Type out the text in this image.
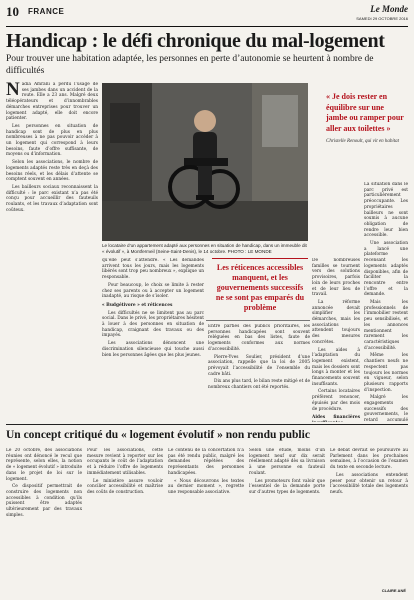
10 FRANCE	Le Monde
SAMEDI 29 OCTOBRE 2016
Handicap : le défi chronique du mal-logement
Pour trouver une habitation adaptée, les personnes en perte d’autonomie se heurtent à nombre de difficultés

Nadia Amrani a perdu l’usage de ses jambes dans un accident de la route. Elle a 23 ans. Malgré deux téléopérateurs et d’innombrables démarches entreprises pour trouver un logement adapté, elle doit encore patienter.

Les personnes en situation de handicap sont de plus en plus nombreuses à ne pas pouvoir accéder à un logement qui correspond à leurs besoins, faute d’offre suffisante, de moyens ou d’information.

Selon les associations, le nombre de logements adaptés reste très en deçà des besoins réels, et les délais d’attente se comptent souvent en années.

Les bailleurs sociaux reconnaissent la difficulté : le parc existant n’a pas été conçu pour accueillir des fauteuils roulants, et les travaux d’adaptation sont coûteux.

Le locataire d’un appartement adapté aux personnes en situation de handicap, dans un immeuble dit « évolutif », à Montfermeil (Seine-Saint-Denis), le 14 octobre. PHOTO : LE MONDE

qu’elle peut s’attendre. « Les demandes arrivent tous les jours, mais les logements libérés sont trop peu nombreux », explique un responsable.

Pour beaucoup, le choix se limite à rester chez ses parents ou à accepter un logement inadapté, au risque de s’isoler.

« Budgétivore » et réticences

Les difficultés ne se limitent pas au parc social. Dans le privé, les propriétaires hésitent à louer à des personnes en situation de handicap, craignant des travaux ou des impayés.

Les associations dénoncent une discrimination silencieuse qui touche aussi bien les personnes âgées que les plus jeunes.

Les réticences accessibles manquent, et les gouvernements successifs ne se sont pas emparés du problème

Entre parties des publics prioritaires, les personnes handicapées sont souvent reléguées en bas des listes, faute de logements conformes aux normes d’accessibilité.

Pierre-Yves Soulier, président d’une association, rappelle que la loi de 2005 prévoyait l’accessibilité de l’ensemble du cadre bâti.

Dix ans plus tard, le bilan reste mitigé et de nombreux chantiers ont été reportés.

De nombreuses familles se tournent vers des solutions provisoires, parfois loin de leurs proches et de leur lieu de travail.

La réforme annoncée devait simplifier les démarches, mais les associations attendent toujours des mesures concrètes.

Les aides à l’adaptation du logement existent, mais les dossiers sont longs à monter et les financements souvent insuffisants.

Certains locataires préfèrent renoncer, épuisés par des mois de procédure.

Aides financières

« Je dois rester en équilibre sur une jambe ou ramper pour aller aux toilettes »
Christelle Renoult, qui vit en habitat

La situation dans le parc privé est particulièrement préoccupante. Les propriétaires bailleurs ne sont soumis à aucune obligation de rendre leur bien accessible.

Une association a lancé une plateforme recensant les logements adaptés disponibles, afin de faciliter la rencontre entre l’offre et la demande.

Mais les professionnels de l’immobilier restent peu sensibilisés, et les annonces mentionnent rarement les caractéristiques d’accessibilité.

Même les chantiers neufs ne respectent pas toujours les normes en vigueur, selon plusieurs rapports d’inspection.

Malgré les engagements successifs des gouvernements, le retard accumulé

Un concept critiqué du « logement évolutif » non rendu public

Le 20 octobre, des associations réunies ont dénoncé le recul que représente, selon elles, la notion de « logement évolutif » introduite dans le projet de loi sur le logement.

Ce dispositif permettrait de construire des logements non accessibles à condition qu’ils puissent être adaptés ultérieurement par des travaux simples.

Pour les associations, cette mesure revient à reporter sur les occupants le coût de l’adaptation et à réduire l’offre de logements immédiatement utilisables.

Le ministère assure vouloir concilier accessibilité et maîtrise des coûts de construction.

Le contenu de la concertation n’a pas été rendu public, malgré les demandes répétées des représentants des personnes handicapées.

« Nous découvrons les textes au dernier moment », regrette une responsable associative.

Selon une étude, moins d’un logement neuf sur dix serait réellement adapté dès sa livraison à une personne en fauteuil roulant.

Les promoteurs font valoir que l’essentiel de la demande porte sur d’autres types de logements.

Le débat devrait se poursuivre au Parlement dans les prochaines semaines, à l’occasion de l’examen du texte en seconde lecture.

Les associations entendent peser pour obtenir un retour à l’accessibilité totale des logements neufs.

CLAIRE ANÉ
